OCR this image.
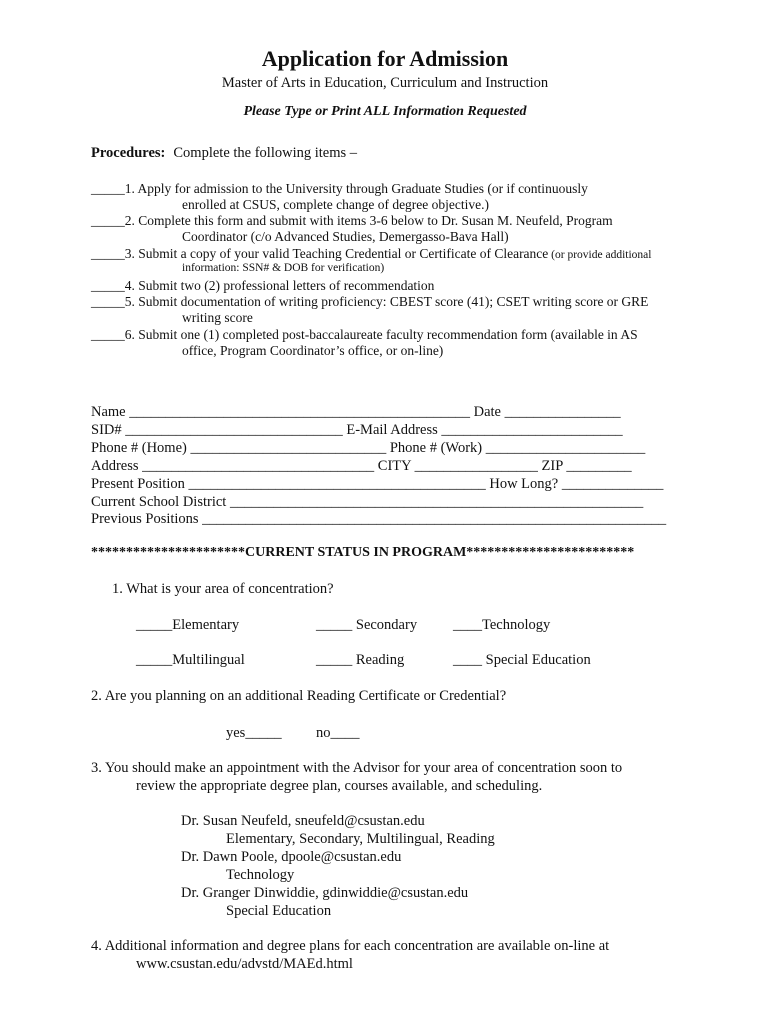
Application for Admission
Master of Arts in Education, Curriculum and Instruction
Please Type or Print ALL Information Requested
Procedures: Complete the following items –
_____1. Apply for admission to the University through Graduate Studies (or if continuously
enrolled at CSUS, complete change of degree objective.)
_____2. Complete this form and submit with items 3-6 below to Dr. Susan M. Neufeld, Program
Coordinator (c/o Advanced Studies, Demergasso-Bava Hall)
_____3. Submit a copy of your valid Teaching Credential or Certificate of Clearance (or provide additional
information: SSN# & DOB for verification)
_____4. Submit two (2) professional letters of recommendation
_____5. Submit documentation of writing proficiency: CBEST score (41); CSET writing score or GRE
writing score
_____6. Submit one (1) completed post-baccalaureate faculty recommendation form (available in AS
office, Program Coordinator’s office, or on-line)
Name _______________________________________________ Date ________________
SID# ______________________________ E-Mail Address _________________________
Phone # (Home) ___________________________ Phone # (Work) ______________________
Address ________________________________ CITY _________________ ZIP _________
Present Position _________________________________________ How Long? ______________
Current School District _________________________________________________________
Previous Positions ________________________________________________________________
**********************CURRENT STATUS IN PROGRAM************************
1. What is your area of concentration?
_____Elementary	_____ Secondary ____Technology
_____Multilingual	_____ Reading	____ Special Education
2. Are you planning on an additional Reading Certificate or Credential?
yes_____ no____
3. You should make an appointment with the Advisor for your area of concentration soon to
review the appropriate degree plan, courses available, and scheduling.
Dr. Susan Neufeld, sneufeld@csustan.edu
Elementary, Secondary, Multilingual, Reading
Dr. Dawn Poole, dpoole@csustan.edu
Technology
Dr. Granger Dinwiddie, gdinwiddie@csustan.edu
Special Education
4. Additional information and degree plans for each concentration are available on-line at
www.csustan.edu/advstd/MAEd.html
